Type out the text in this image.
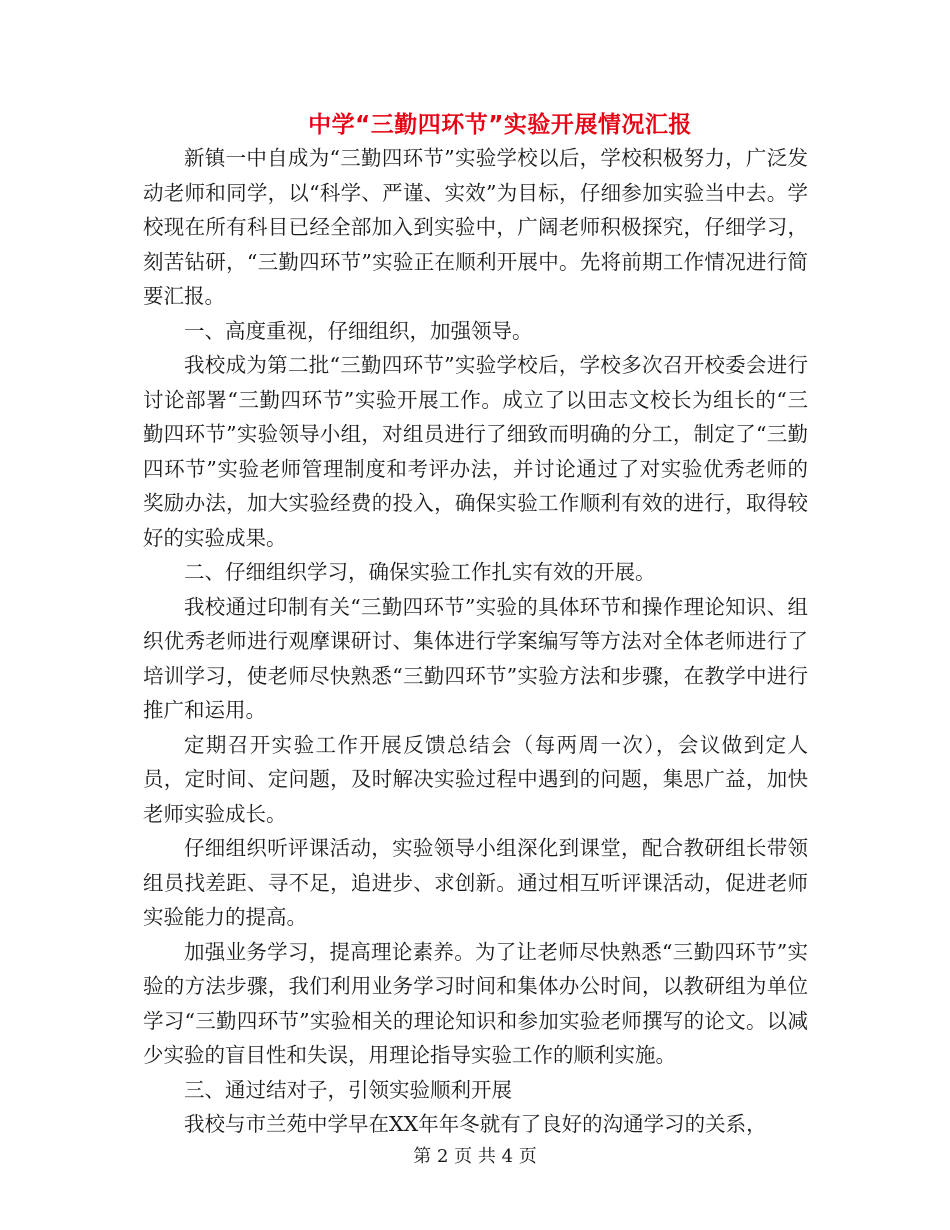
中学“三勤四环节”实验开展情况汇报

新镇一中自成为“三勤四环节”实验学校以后，学校积极努力，广泛发动老师和同学，以“科学、严谨、实效”为目标，仔细参加实验当中去。学校现在所有科目已经全部加入到实验中，广阔老师积极探究，仔细学习，刻苦钻研，“三勤四环节”实验正在顺利开展中。先将前期工作情况进行简要汇报。

一、高度重视，仔细组织，加强领导。

我校成为第二批“三勤四环节”实验学校后，学校多次召开校委会进行讨论部署“三勤四环节”实验开展工作。成立了以田志文校长为组长的“三勤四环节”实验领导小组，对组员进行了细致而明确的分工，制定了“三勤四环节”实验老师管理制度和考评办法，并讨论通过了对实验优秀老师的奖励办法，加大实验经费的投入，确保实验工作顺利有效的进行，取得较好的实验成果。

二、仔细组织学习，确保实验工作扎实有效的开展。

我校通过印制有关“三勤四环节”实验的具体环节和操作理论知识、组织优秀老师进行观摩课研讨、集体进行学案编写等方法对全体老师进行了培训学习，使老师尽快熟悉“三勤四环节”实验方法和步骤，在教学中进行推广和运用。

定期召开实验工作开展反馈总结会（每两周一次），会议做到定人员，定时间、定问题，及时解决实验过程中遇到的问题，集思广益，加快老师实验成长。

仔细组织听评课活动，实验领导小组深化到课堂，配合教研组长带领组员找差距、寻不足，追进步、求创新。通过相互听评课活动，促进老师实验能力的提高。

加强业务学习，提高理论素养。为了让老师尽快熟悉“三勤四环节”实验的方法步骤，我们利用业务学习时间和集体办公时间，以教研组为单位学习“三勤四环节”实验相关的理论知识和参加实验老师撰写的论文。以减少实验的盲目性和失误，用理论指导实验工作的顺利实施。

三、通过结对子，引领实验顺利开展

我校与市兰苑中学早在XX年年冬就有了良好的沟通学习的关系，

第 2 页 共 4 页
